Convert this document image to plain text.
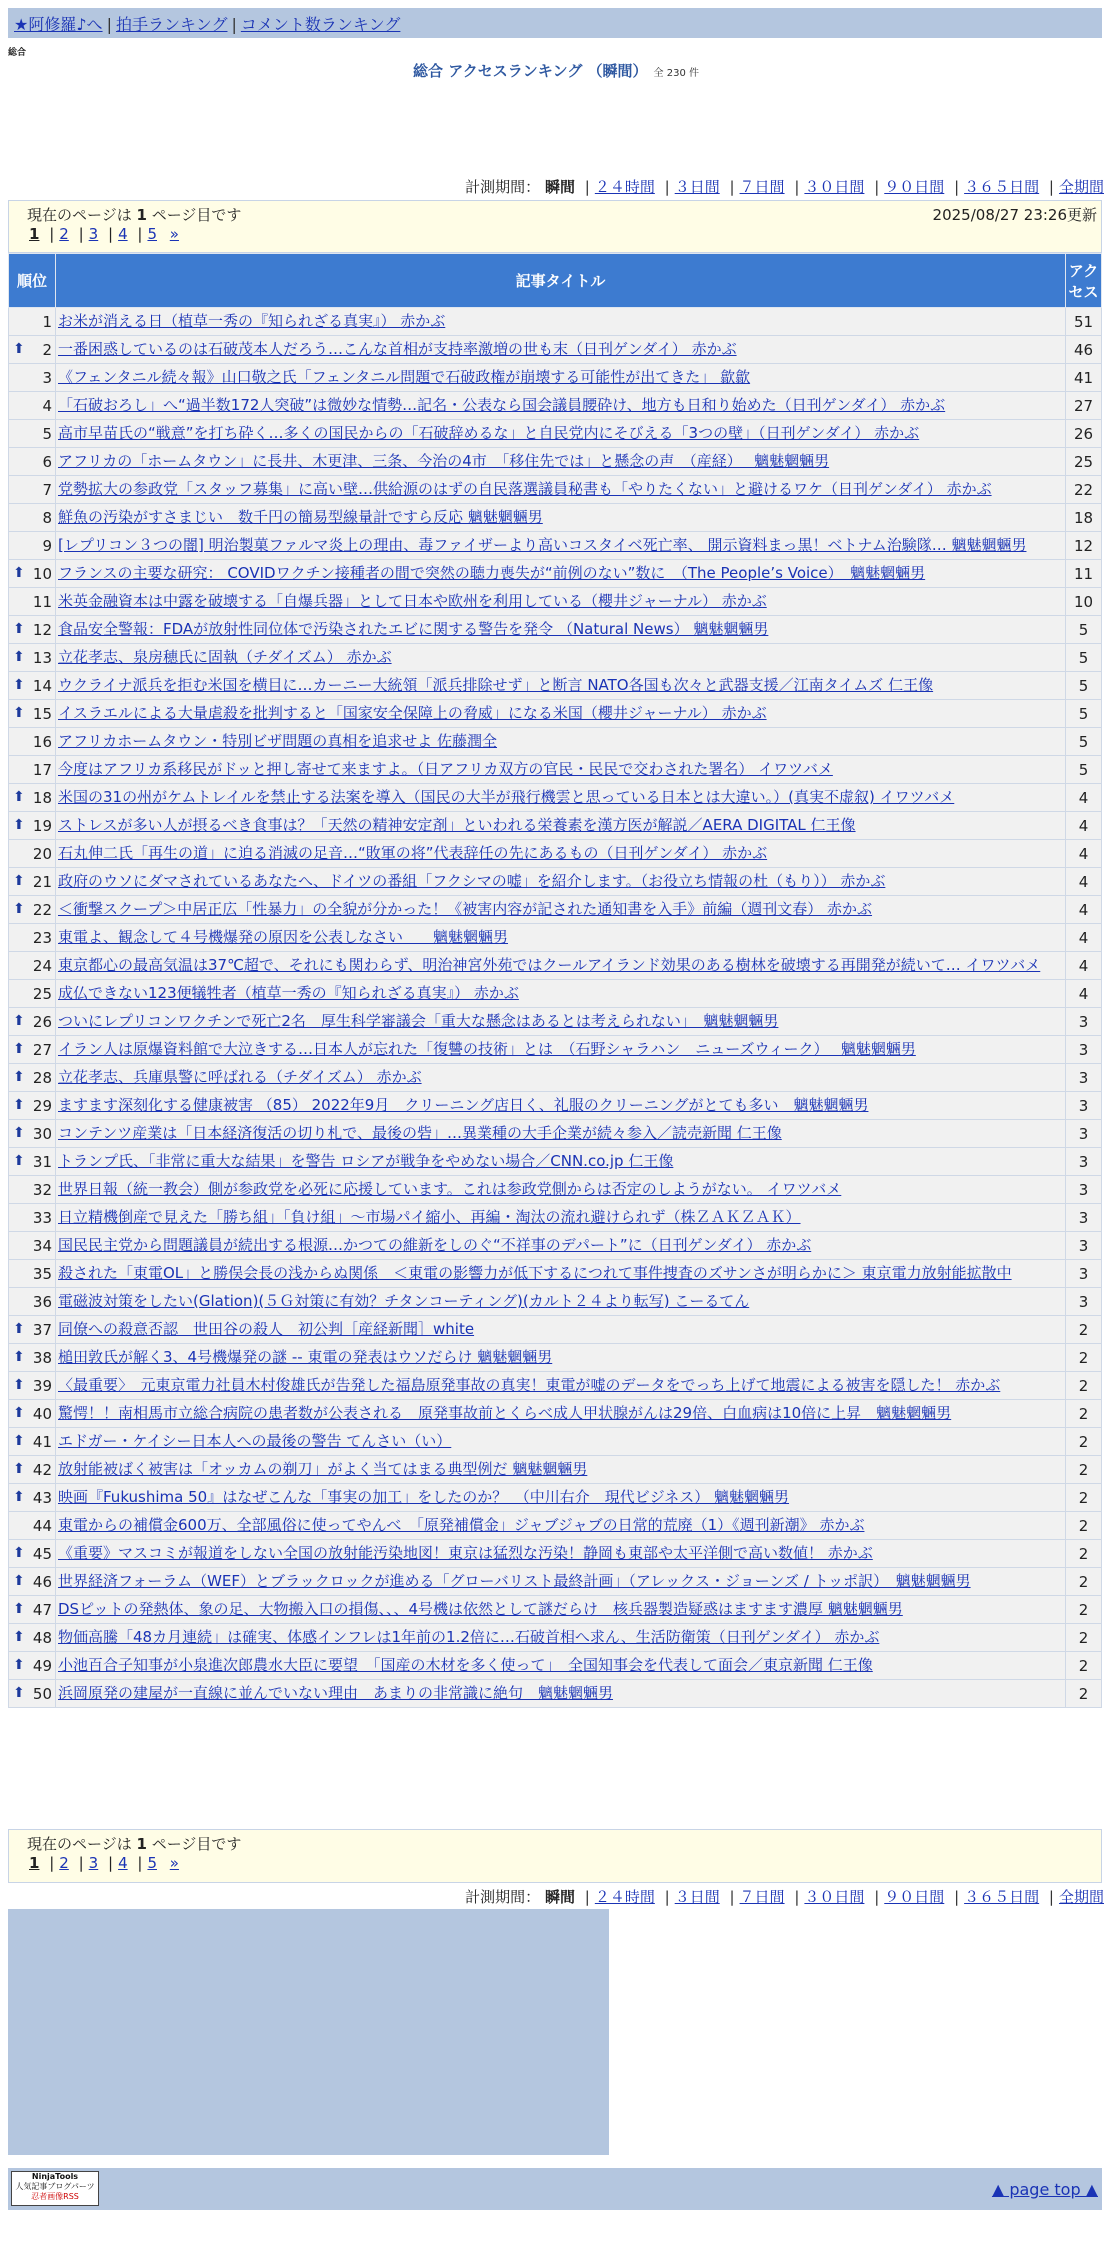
★阿修羅♪へ | 拍手ランキング | コメント数ランキング
総合
総合 アクセスランキング （瞬間） 全 230 件
計測期間： 瞬間 | ２４時間 | ３日間 | ７日間 | ３０日間 | ９０日間 | ３６５日間 | 全期間
現在のページは 1 ページ目です	2025/08/27 23:26更新
1 | 2 | 3 | 4 | 5 »
順位	記事タイトル	アクセス
1	お米が消える日（植草一秀の『知られざる真実』） 赤かぶ	51

⬆ 2	一番困惑しているのは石破茂本人だろう…こんな首相が支持率激増の世も末（日刊ゲンダイ） 赤かぶ	46
3	《フェンタニル続々報》山口敬之氏「フェンタニル問題で石破政権が崩壊する可能性が出てきた」 歙歙	41
4	「石破おろし」へ“過半数172人突破”は微妙な情勢…記名・公表なら国会議員腰砕け、地方も日和り始めた（日刊ゲンダイ） 赤かぶ	27
5	高市早苗氏の“戦意”を打ち砕く…多くの国民からの「石破辞めるな」と自民党内にそびえる「3つの壁」（日刊ゲンダイ） 赤かぶ	26
6	アフリカの「ホームタウン」に長井、木更津、三条、今治の4市　「移住先では」と懸念の声　（産経）　 魑魅魍魎男	25
7	党勢拡大の参政党「スタッフ募集」に高い壁…供給源のはずの自民落選議員秘書も「やりたくない」と避けるワケ（日刊ゲンダイ） 赤かぶ	22
8	鮮魚の汚染がすさまじい　数千円の簡易型線量計ですら反応 魑魅魍魎男	18
9	[レプリコン３つの闇] 明治製菓ファルマ炎上の理由、毒ファイザーより高いコスタイベ死亡率、 開示資料まっ黒！ベトナム治験隊… 魑魅魍魎男	12

⬆ 10	フランスの主要な研究： COVIDワクチン接種者の間で突然の聴力喪失が“前例のない”数に　（The People’s Voice）　魑魅魍魎男	11
11	米英金融資本は中露を破壊する「自爆兵器」として日本や欧州を利用している（櫻井ジャーナル） 赤かぶ	10

⬆ 12	食品安全警報：FDAが放射性同位体で汚染されたエビに関する警告を発令 （Natural News） 魑魅魍魎男	5

⬆ 13	立花孝志、泉房穂氏に固執（チダイズム） 赤かぶ	5

⬆ 14	ウクライナ派兵を拒む米国を横目に…カーニー大統領「派兵排除せず」と断言 NATO各国も次々と武器支援／江南タイムズ 仁王像	5

⬆ 15	イスラエルによる大量虐殺を批判すると「国家安全保障上の脅威」になる米国（櫻井ジャーナル） 赤かぶ	5
16	アフリカホームタウン・特別ビザ問題の真相を追求せよ 佐藤潤全	5
17	今度はアフリカ系移民がドッと押し寄せて来ますよ。（日アフリカ双方の官民・民民で交わされた署名） イワツバメ	5

⬆ 18	米国の31の州がケムトレイルを禁止する法案を導入（国民の大半が飛行機雲と思っている日本とは大違い。）(真実不虚叙) イワツバメ	4

⬆ 19	ストレスが多い人が摂るべき食事は？「天然の精神安定剤」といわれる栄養素を漢方医が解説／AERA DIGITAL 仁王像	4
20	石丸伸二氏「再生の道」に迫る消滅の足音…“敗軍の将”代表辞任の先にあるもの（日刊ゲンダイ） 赤かぶ	4

⬆ 21	政府のウソにダマされているあなたへ、ドイツの番組「フクシマの嘘」を紹介します。（お役立ち情報の杜（もり）） 赤かぶ	4

⬆ 22	＜衝撃スクープ＞中居正広「性暴力」の全貌が分かった！《被害内容が記された通知書を入手》前編（週刊文春） 赤かぶ	4
23	東電よ、観念して４号機爆発の原因を公表しなさい　　魑魅魍魎男	4
24	東京都心の最高気温は37℃超で、それにも関わらず、明治神宮外苑ではクールアイランド効果のある樹林を破壊する再開発が続いて… イワツバメ	4
25	成仏できない123便犠牲者（植草一秀の『知られざる真実』） 赤かぶ	4

⬆ 26	ついにレプリコンワクチンで死亡2名　厚生科学審議会「重大な懸念はあるとは考えられない」　魑魅魍魎男	3

⬆ 27	イラン人は原爆資料館で大泣きする…日本人が忘れた「復讐の技術」とは　（石野シャラハン　ニューズウィーク）　 魑魅魍魎男	3

⬆ 28	立花孝志、兵庫県警に呼ばれる（チダイズム） 赤かぶ	3

⬆ 29	ますます深刻化する健康被害 （85） 2022年9月　クリーニング店日く、礼服のクリーニングがとても多い　魑魅魍魎男	3

⬆ 30	コンテンツ産業は「日本経済復活の切り札で、最後の砦」…異業種の大手企業が続々参入／読売新聞 仁王像	3

⬆ 31	トランプ氏、「非常に重大な結果」を警告 ロシアが戦争をやめない場合／CNN.co.jp 仁王像	3
32	世界日報（統一教会）側が参政党を必死に応援しています。これは参政党側からは否定のしようがない。 イワツバメ	3
33	日立精機倒産で見えた「勝ち組」「負け組」〜市場パイ縮小、再編・淘汰の流れ避けられず（株ＺＡＫＺＡＫ）	3
34	国民民主党から問題議員が続出する根源…かつての維新をしのぐ“不祥事のデパート”に（日刊ゲンダイ） 赤かぶ	3
35	殺された「東電OL」と勝俣会長の浅からぬ関係　＜東電の影響力が低下するにつれて事件捜査のズサンさが明らかに＞ 東京電力放射能拡散中	3
36	電磁波対策をしたい(Glation)(５Ｇ対策に有効？チタンコーティング)(カルト２４より転写) こーるてん	3

⬆ 37	同僚への殺意否認　世田谷の殺人　初公判［産経新聞］white	2

⬆ 38	槌田敦氏が解く3、4号機爆発の謎 -- 東電の発表はウソだらけ 魑魅魍魎男	2

⬆ 39	〈最重要〉　元東京電力社員木村俊雄氏が告発した福島原発事故の真実！東電が嘘のデータをでっち上げて地震による被害を隠した！ 赤かぶ	2

⬆ 40	驚愕！！南相馬市立総合病院の患者数が公表される　原発事故前とくらべ成人甲状腺がんは29倍、白血病は10倍に上昇　魑魅魍魎男	2

⬆ 41	エドガー・ケイシー日本人への最後の警告 てんさい（い）	2

⬆ 42	放射能被ばく被害は「オッカムの剃刀」がよく当てはまる典型例だ 魑魅魍魎男	2

⬆ 43	映画『Fukushima 50』はなぜこんな「事実の加工」をしたのか？　（中川右介　現代ビジネス） 魑魅魍魎男	2
44	東電からの補償金600万、全部風俗に使ってやんべ　「原発補償金」ジャブジャブの日常的荒廃（1）《週刊新潮》 赤かぶ	2

⬆ 45	《重要》マスコミが報道をしない全国の放射能汚染地図！東京は猛烈な汚染！静岡も東部や太平洋側で高い数値！ 赤かぶ	2

⬆ 46	世界経済フォーラム（WEF）とブラックロックが進める「グローバリスト最終計画」（アレックス・ジョーンズ / トッポ訳）　魑魅魍魎男	2

⬆ 47	DSピットの発熱体、象の足、大物搬入口の損傷、、、4号機は依然として謎だらけ　核兵器製造疑惑はますます濃厚 魑魅魍魎男	2

⬆ 48	物価高騰「48カ月連続」は確実、体感インフレは1年前の1.2倍に…石破首相へ求ん、生活防衛策（日刊ゲンダイ） 赤かぶ	2

⬆ 49	小池百合子知事が小泉進次郎農水大臣に要望　「国産の木材を多く使って」　全国知事会を代表して面会／東京新聞 仁王像	2

⬆ 50	浜岡原発の建屋が一直線に並んでいない理由　あまりの非常識に絶句　魑魅魍魎男	2
現在のページは 1 ページ目です
1 | 2 | 3 | 4 | 5 »
計測期間： 瞬間 | ２４時間 | ３日間 | ７日間 | ３０日間 | ９０日間 | ３６５日間 | 全期間
NinjaTools
人気記事ブログパーツ
忍者画像RSS	▲ page top ▲
